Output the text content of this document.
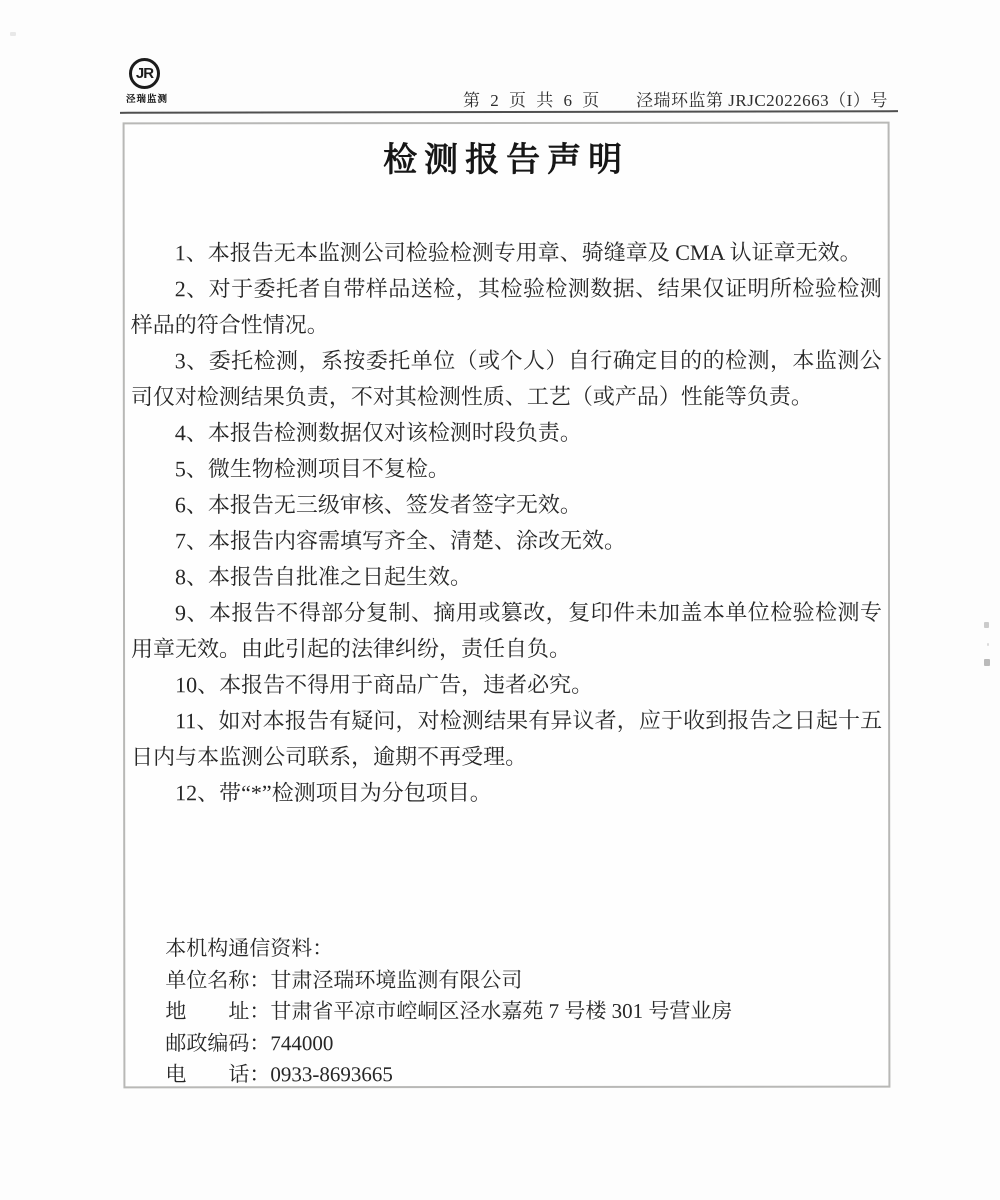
JR
泾瑞监测	第 2 页 共 6 页 泾瑞环监第 JRJC2022663（I）号
检测报告声明

1、本报告无本监测公司检验检测专用章、骑缝章及 CMA 认证章无效。

2、对于委托者自带样品送检，其检验检测数据、结果仅证明所检验检测样品的符合性情况。

3、委托检测，系按委托单位（或个人）自行确定目的的检测，本监测公司仅对检测结果负责，不对其检测性质、工艺（或产品）性能等负责。

4、本报告检测数据仅对该检测时段负责。

5、微生物检测项目不复检。

6、本报告无三级审核、签发者签字无效。

7、本报告内容需填写齐全、清楚、涂改无效。

8、本报告自批准之日起生效。

9、本报告不得部分复制、摘用或篡改，复印件未加盖本单位检验检测专用章无效。由此引起的法律纠纷，责任自负。

10、本报告不得用于商品广告，违者必究。

11、如对本报告有疑问，对检测结果有异议者，应于收到报告之日起十五日内与本监测公司联系，逾期不再受理。

12、带“*”检测项目为分包项目。

本机构通信资料：

单位名称：甘肃泾瑞环境监测有限公司

地　　址：甘肃省平凉市崆峒区泾水嘉苑 7 号楼 301 号营业房

邮政编码：744000

电　　话：0933-8693665
